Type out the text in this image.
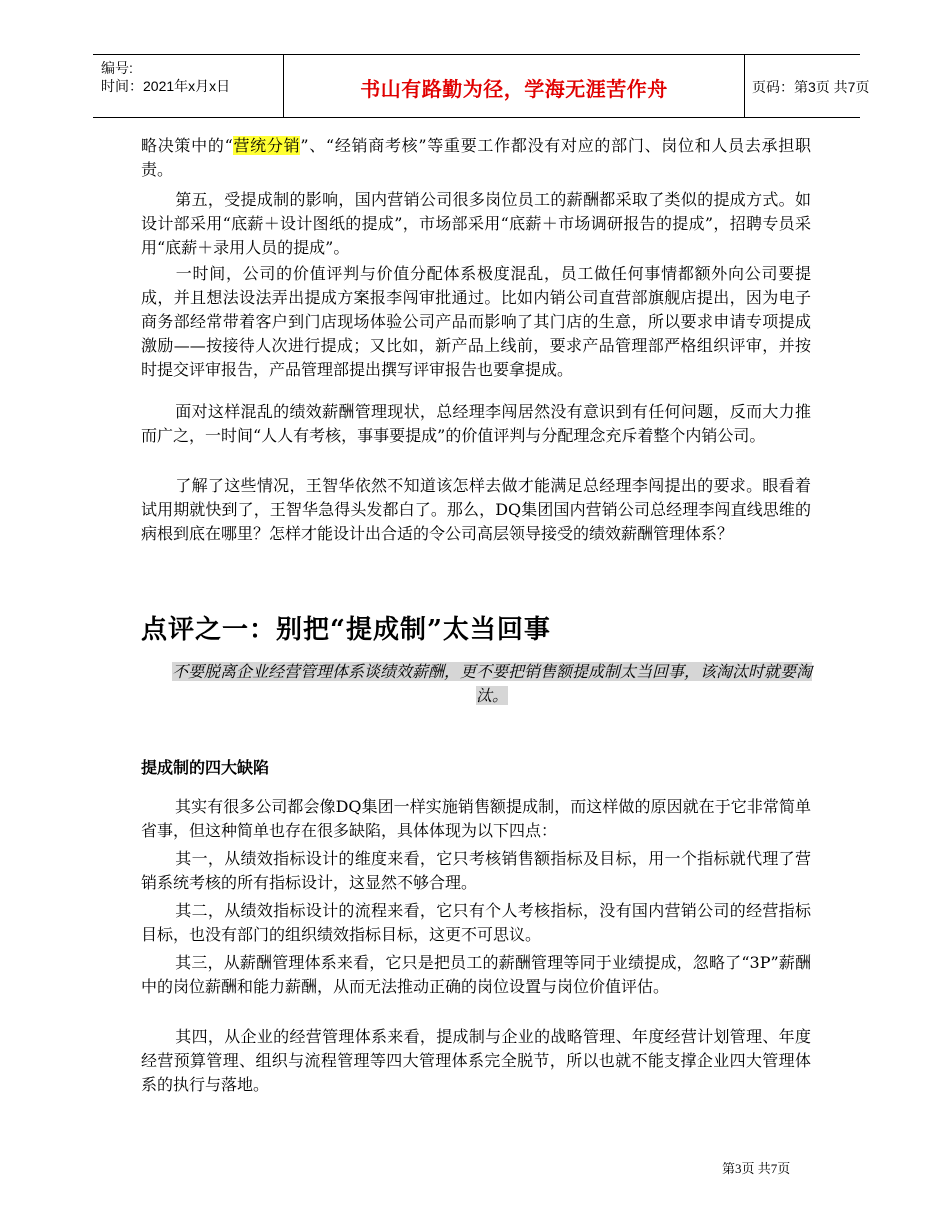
编号:
时间：2021年x月x日	书山有路勤为径，学海无涯苦作舟	页码：第3页 共7页

略决策中的“营统分销”、“经销商考核”等重要工作都没有对应的部门、岗位和人员去承担职责。

第五，受提成制的影响，国内营销公司很多岗位员工的薪酬都采取了类似的提成方式。如设计部采用“底薪＋设计图纸的提成”，市场部采用“底薪＋市场调研报告的提成”，招聘专员采用“底薪＋录用人员的提成”。

一时间，公司的价值评判与价值分配体系极度混乱，员工做任何事情都额外向公司要提成，并且想法设法弄出提成方案报李闯审批通过。比如内销公司直营部旗舰店提出，因为电子商务部经常带着客户到门店现场体验公司产品而影响了其门店的生意，所以要求申请专项提成激励——按接待人次进行提成；又比如，新产品上线前，要求产品管理部严格组织评审，并按时提交评审报告，产品管理部提出撰写评审报告也要拿提成。

面对这样混乱的绩效薪酬管理现状，总经理李闯居然没有意识到有任何问题，反而大力推而广之，一时间“人人有考核，事事要提成”的价值评判与分配理念充斥着整个内销公司。

了解了这些情况，王智华依然不知道该怎样去做才能满足总经理李闯提出的要求。眼看着试用期就快到了，王智华急得头发都白了。那么，DQ集团国内营销公司总经理李闯直线思维的病根到底在哪里？怎样才能设计出合适的令公司高层领导接受的绩效薪酬管理体系？

点评之一：别把“提成制”太当回事

不要脱离企业经营管理体系谈绩效薪酬，更不要把销售额提成制太当回事，该淘汰时就要淘汰。

提成制的四大缺陷

其实有很多公司都会像DQ集团一样实施销售额提成制，而这样做的原因就在于它非常简单省事，但这种简单也存在很多缺陷，具体体现为以下四点：

其一，从绩效指标设计的维度来看，它只考核销售额指标及目标，用一个指标就代理了营销系统考核的所有指标设计，这显然不够合理。

其二，从绩效指标设计的流程来看，它只有个人考核指标，没有国内营销公司的经营指标目标，也没有部门的组织绩效指标目标，这更不可思议。

其三，从薪酬管理体系来看，它只是把员工的薪酬管理等同于业绩提成，忽略了“3P”薪酬中的岗位薪酬和能力薪酬，从而无法推动正确的岗位设置与岗位价值评估。

其四，从企业的经营管理体系来看，提成制与企业的战略管理、年度经营计划管理、年度经营预算管理、组织与流程管理等四大管理体系完全脱节，所以也就不能支撑企业四大管理体系的执行与落地。

第3页 共7页
